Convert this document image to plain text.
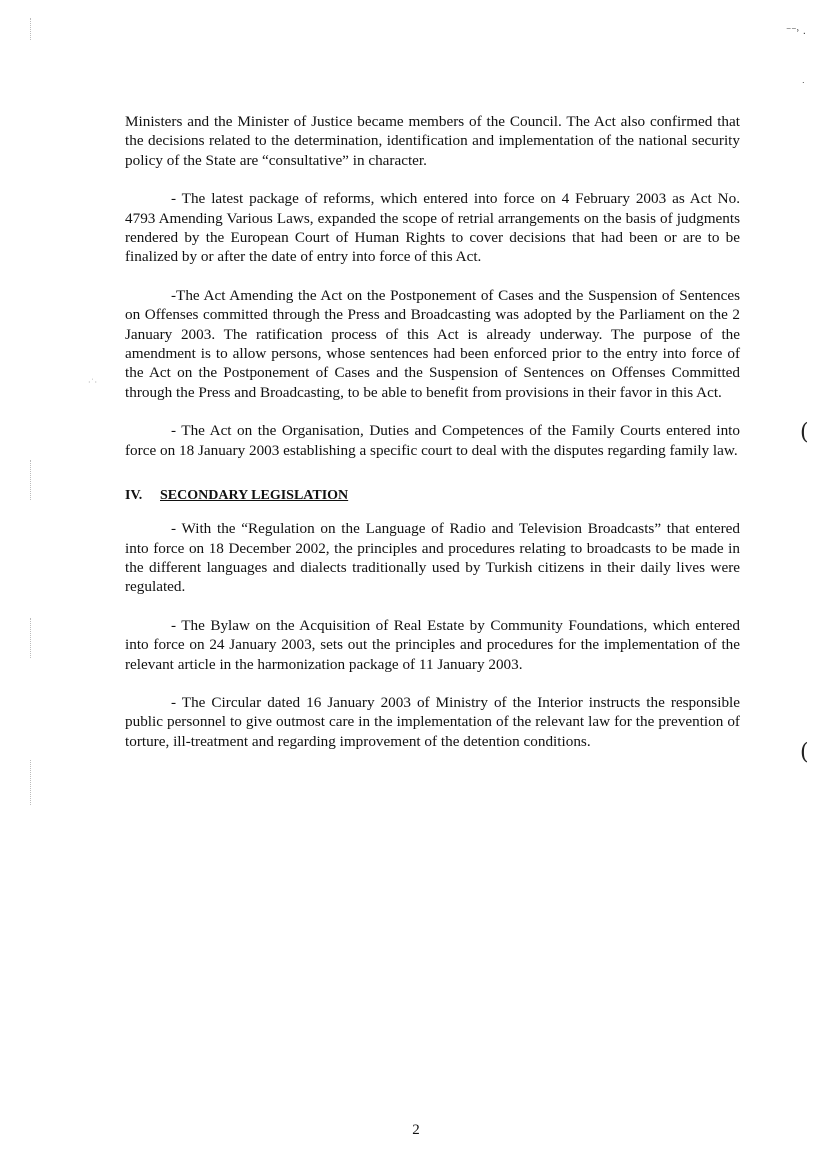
⁻⁻˒ .
.
·˙·
(
(

Ministers and the Minister of Justice became members of the Council. The Act also confirmed that the decisions related to the determination, identification and implementation of the national security policy of the State are “consultative” in character.

- The latest package of reforms, which entered into force on 4 February 2003 as Act No. 4793 Amending Various Laws, expanded the scope of retrial arrangements on the basis of judgments rendered by the European Court of Human Rights to cover decisions that had been or are to be finalized by or after the date of entry into force of this Act.

-The Act Amending the Act on the Postponement of Cases and the Suspension of Sentences on Offenses committed through the Press and Broadcasting was adopted by the Parliament on the 2 January 2003. The ratification process of this Act is already underway. The purpose of the amendment is to allow persons, whose sentences had been enforced prior to the entry into force of the Act on the Postponement of Cases and the Suspension of Sentences on Offenses Committed through the Press and Broadcasting, to be able to benefit from provisions in their favor in this Act.

- The Act on the Organisation, Duties and Competences of the Family Courts entered into force on 18 January 2003 establishing a specific court to deal with the disputes regarding family law.

IV. SECONDARY LEGISLATION

- With the “Regulation on the Language of Radio and Television Broadcasts” that entered into force on 18 December 2002, the principles and procedures relating to broadcasts to be made in the different languages and dialects traditionally used by Turkish citizens in their daily lives were regulated.

- The Bylaw on the Acquisition of Real Estate by Community Foundations, which entered into force on 24 January 2003, sets out the principles and procedures for the implementation of the relevant article in the harmonization package of 11 January 2003.

- The Circular dated 16 January 2003 of Ministry of the Interior instructs the responsible public personnel to give outmost care in the implementation of the relevant law for the prevention of torture, ill-treatment and regarding improvement of the detention conditions.

2
